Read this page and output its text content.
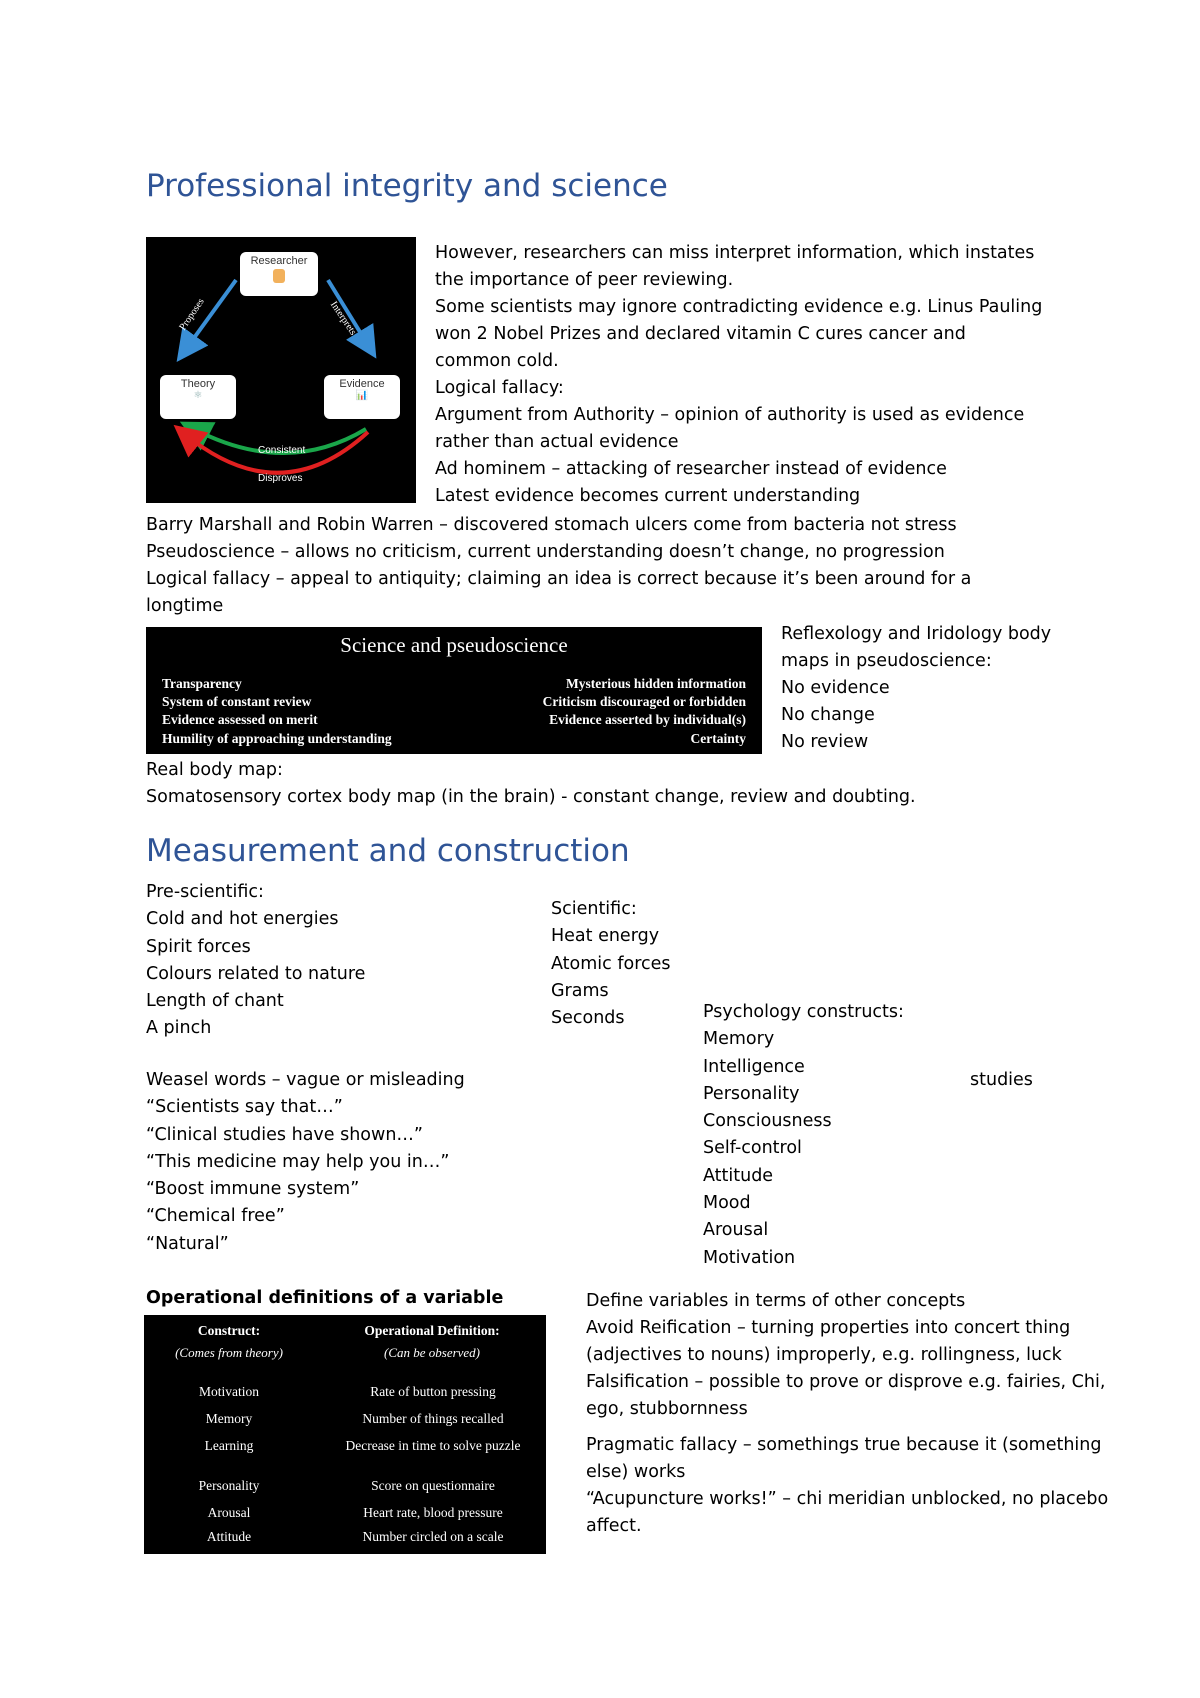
Professional integrity and science
Researcher
Theory
⚛
Evidence
📊
Proposes	Interprets
Consistent
Disproves
However, researchers can miss interpret information, which instates
the importance of peer reviewing.
Some scientists may ignore contradicting evidence e.g. Linus Pauling
won 2 Nobel Prizes and declared vitamin C cures cancer and
common cold.
Logical fallacy:
Argument from Authority – opinion of authority is used as evidence
rather than actual evidence
Ad hominem – attacking of researcher instead of evidence
Latest evidence becomes current understanding
Barry Marshall and Robin Warren – discovered stomach ulcers come from bacteria not stress
Pseudoscience – allows no criticism, current understanding doesn’t change, no progression
Logical fallacy – appeal to antiquity; claiming an idea is correct because it’s been around for a
longtime
Science and pseudoscience
Transparency	Mysterious hidden information
System of constant review	Criticism discouraged or forbidden
Evidence assessed on merit	Evidence asserted by individual(s)
Humility of approaching understanding	Certainty
Reflexology and Iridology body
maps in pseudoscience:
No evidence
No change
No review
Real body map:
Somatosensory cortex body map (in the brain) - constant change, review and doubting.
Measurement and construction
Pre-scientific:
Cold and hot energies
Spirit forces
Colours related to nature
Length of chant
A pinch
Scientific:
Heat energy
Atomic forces
Grams
Seconds	Psychology constructs:
Memory
Intelligence
Personality
Consciousness
Self-control
Attitude
Mood
Arousal
Motivation
studies
Weasel words – vague or misleading
“Scientists say that…”
“Clinical studies have shown…”
“This medicine may help you in…”
“Boost immune system”
“Chemical free”
“Natural”
Operational definitions of a variable
Construct:
(Comes from theory)
Operational Definition:
(Can be observed)
Motivation	Rate of button pressing
Memory	Number of things recalled
Learning	Decrease in time to solve puzzle
Personality	Score on questionnaire
Arousal	Heart rate, blood pressure
Attitude	Number circled on a scale
Define variables in terms of other concepts
Avoid Reification – turning properties into concert thing
(adjectives to nouns) improperly, e.g. rollingness, luck
Falsification – possible to prove or disprove e.g. fairies, Chi,
ego, stubbornness
Pragmatic fallacy – somethings true because it (something
else) works
“Acupuncture works!” – chi meridian unblocked, no placebo
affect.
